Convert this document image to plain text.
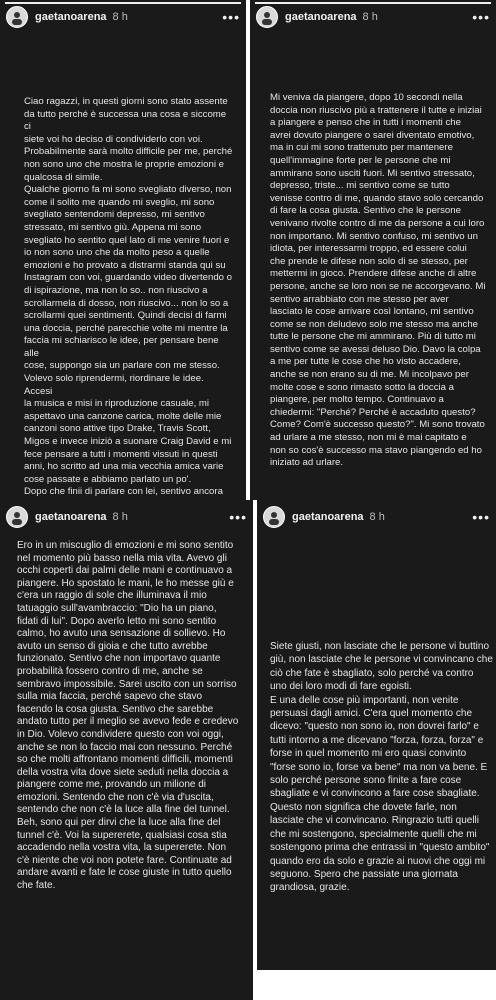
gaetanoarena 8 h	•••
Ciao ragazzi, in questi giorni sono stato assente
da tutto perché è successa una cosa e siccome ci
siete voi ho deciso di condividerlo con voi.
Probabilmente sarà molto difficile per me, perché
non sono uno che mostra le proprie emozioni e
qualcosa di simile.
Qualche giorno fa mi sono svegliato diverso, non
come il solito me quando mi sveglio, mi sono
svegliato sentendomi depresso, mi sentivo
stressato, mi sentivo giù. Appena mi sono
svegliato ho sentito quel lato di me venire fuori e
io non sono uno che da molto peso a quelle
emozioni e ho provato a distrarmi standa qui su
Instagram con voi, guardando video divertendo o
di ispirazione, ma non lo so.. non riuscivo a
scrollarmela di dosso, non riuscivo... non lo so a
scrollarmi quei sentimenti. Quindi decisi di farmi
una doccia, perché parecchie volte mi mentre la
faccia mi schiarisco le idee, per pensare bene alle
cose, suppongo sia un parlare con me stesso.
Volevo solo riprendermi, riordinare le idee. Accesi
la musica e misi in riproduzione casuale, mi
aspettavo una canzone carica, molte delle mie
canzoni sono attive tipo Drake, Travis Scott,
Migos e invece iniziò a suonare Craig David e mi
fece pensare a tutti i momenti vissuti in questi
anni, ho scritto ad una mia vecchia amica varie
cose passate e abbiamo parlato un po'.
Dopo che finii di parlare con lei, sentivo ancora

gaetanoarena 8 h	•••
Mi veniva da piangere, dopo 10 secondi nella
doccia non riuscivo più a trattenere il tutte e iniziai
a piangere e penso che in tutti i momenti che
avrei dovuto piangere o sarei diventato emotivo,
ma in cui mi sono trattenuto per mantenere
quell'immagine forte per le persone che mi
ammirano sono usciti fuori. Mi sentivo stressato,
depresso, triste... mi sentivo come se tutto
venisse contro di me, quando stavo solo cercando
di fare la cosa giusta. Sentivo che le persone
venivano rivolte contro di me da persone a cui loro
non importano. Mi sentivo confuso, mi sentivo un
idiota, per interessarmi troppo, ed essere colui
che prende le difese non solo di se stesso, per
mettermi in gioco. Prendere difese anche di altre
persone, anche se loro non se ne accorgevano. Mi
sentivo arrabbiato con me stesso per aver
lasciato le cose arrivare così lontano, mi sentivo
come se non deludevo solo me stesso ma anche
tutte le persone che mi ammirano. Più di tutto mi
sentivo come se avessi deluso Dio. Davo la colpa
a me per tutte le cose che ho visto accadere,
anche se non erano su di me. Mi incolpavo per
molte cose e sono rimasto sotto la doccia a
piangere, per molto tempo. Continuavo a
chiedermi: "Perché? Perché è accaduto questo?
Come? Com'è successo questo?". Mi sono trovato
ad urlare a me stesso, non mi è mai capitato e
non so cos'è successo ma stavo piangendo ed ho
iniziato ad urlare.
gaetanoarena 8 h	•••
Ero in un miscuglio di emozioni e mi sono sentito
nel momento più basso nella mia vita. Avevo gli
occhi coperti dai palmi delle mani e continuavo a
piangere. Ho spostato le mani, le ho messe giù e
c'era un raggio di sole che illuminava il mio
tatuaggio sull'avambraccio: "Dio ha un piano,
fidati di lui". Dopo averlo letto mi sono sentito
calmo, ho avuto una sensazione di sollievo. Ho
avuto un senso di gioia e che tutto avrebbe
funzionato. Sentivo che non importavo quante
probabilità fossero contro di me, anche se
sembravo impossibile. Sarei uscito con un sorriso
sulla mia faccia, perché sapevo che stavo
facendo la cosa giusta. Sentivo che sarebbe
andato tutto per il meglio se avevo fede e credevo
in Dio. Volevo condividere questo con voi oggi,
anche se non lo faccio mai con nessuno. Perché
so che molti affrontano momenti difficili, momenti
della vostra vita dove siete seduti nella doccia a
piangere come me, provando un milione di
emozioni. Sentendo che non c'è via d'uscita,
sentendo che non c'è la luce alla fine del tunnel.
Beh, sono qui per dirvi che la luce alla fine del
tunnel c'è. Voi la supererete, qualsiasi cosa stia
accadendo nella vostra vita, la supererete. Non
c'è niente che voi non potete fare. Continuate ad
andare avanti e fate le cose giuste in tutto quello
che fate.
gaetanoarena 8 h	•••
Siete giusti, non lasciate che le persone vi buttino
giù, non lasciate che le persone vi convincano che
ciò che fate è sbagliato, solo perché va contro
uno dei loro modi di fare egoisti.
E una delle cose più importanti, non venite
persuasi dagli amici. C'era quel momento che
dicevo: "questo non sono io, non dovrei farlo" e
tutti intorno a me dicevano "forza, forza, forza" e
forse in quel momento mi ero quasi convinto
"forse sono io, forse va bene" ma non va bene. E
solo perché persone sono finite a fare cose
sbagliate e vi convincono a fare cose sbagliate.
Questo non significa che dovete farle, non
lasciate che vi convincano. Ringrazio tutti quelli
che mi sostengono, specialmente quelli che mi
sostengono prima che entrassi in "questo ambito"
quando ero da solo e grazie ai nuovi che oggi mi
seguono. Spero che passiate una giornata
grandiosa, grazie.
